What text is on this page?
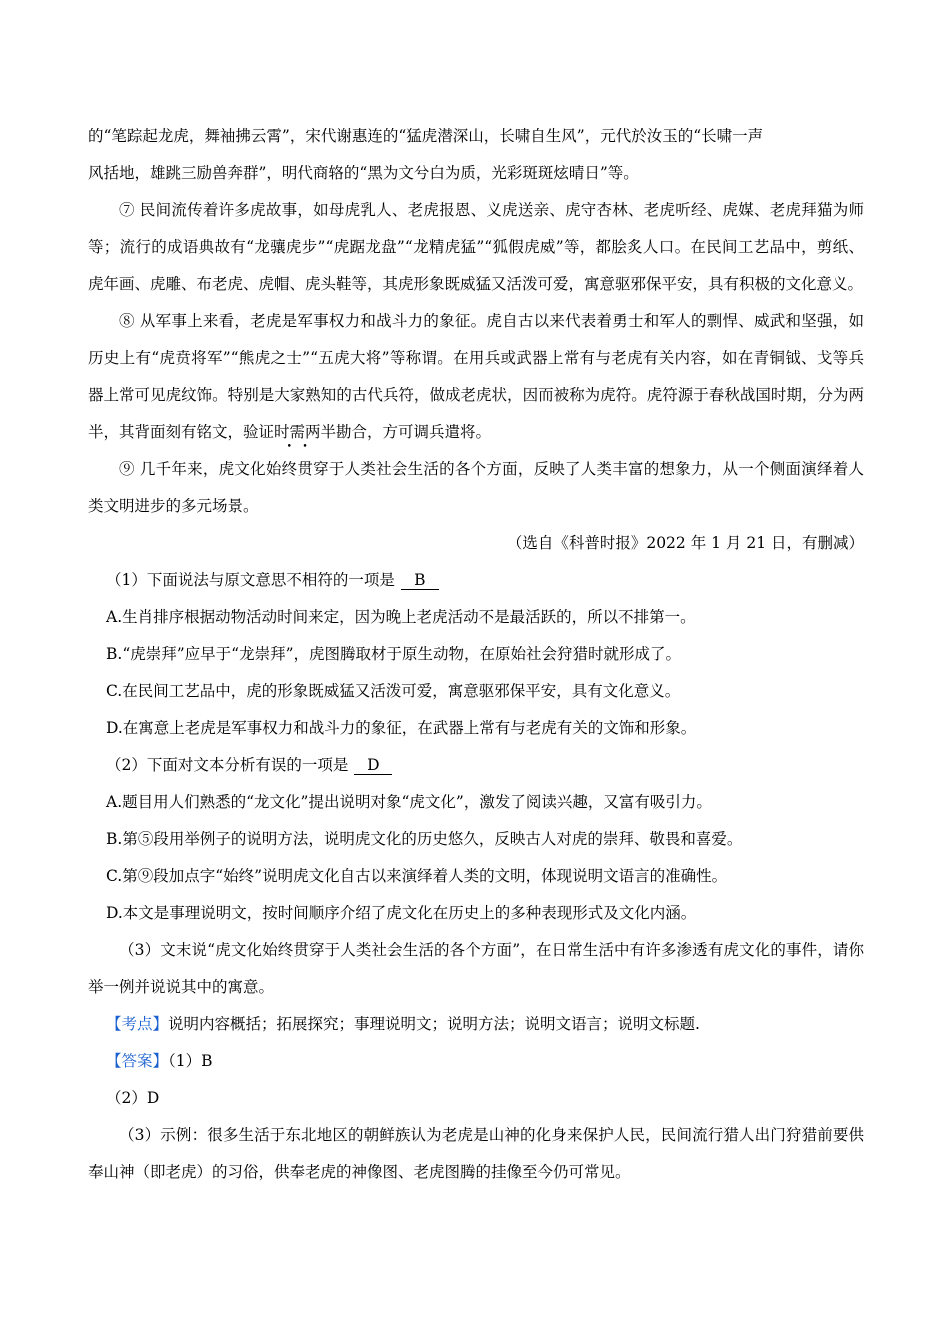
的“笔踪起龙虎，舞袖拂云霄”，宋代谢惠连的“猛虎潜深山，长啸自生风”，元代於汝玉的“长啸一声
风括地，雄跳三励兽奔群”，明代商辂的“黑为文兮白为质，光彩斑斑炫晴日”等。

⑦ 民间流传着许多虎故事，如母虎乳人、老虎报恩、义虎送亲、虎守杏林、老虎听经、虎媒、老虎拜猫为师等；流行的成语典故有“龙骧虎步”“虎踞龙盘”“龙精虎猛”“狐假虎威”等，都脍炙人口。在民间工艺品中，剪纸、虎年画、虎雕、布老虎、虎帽、虎头鞋等，其虎形象既威猛又活泼可爱，寓意驱邪保平安，具有积极的文化意义。

⑧ 从军事上来看，老虎是军事权力和战斗力的象征。虎自古以来代表着勇士和军人的剽悍、威武和坚强，如历史上有“虎贲将军”“熊虎之士”“五虎大将”等称谓。在用兵或武器上常有与老虎有关内容，如在青铜钺、戈等兵器上常可见虎纹饰。特别是大家熟知的古代兵符，做成老虎状，因而被称为虎符。虎符源于春秋战国时期，分为两半，其背面刻有铭文，验证时需两半勘合，方可调兵遣将。

⑨ 几千年来，虎文化始终贯穿于人类社会生活的各个方面，反映了人类丰富的想象力，从一个侧面演绎着人类文明进步的多元场景。

（选自《科普时报》2022 年 1 月 21 日，有删减）

（1）下面说法与原文意思不相符的一项是 B

A.生肖排序根据动物活动时间来定，因为晚上老虎活动不是最活跃的，所以不排第一。

B.“虎崇拜”应早于“龙崇拜”，虎图腾取材于原生动物，在原始社会狩猎时就形成了。

C.在民间工艺品中，虎的形象既威猛又活泼可爱，寓意驱邪保平安，具有文化意义。

D.在寓意上老虎是军事权力和战斗力的象征，在武器上常有与老虎有关的文饰和形象。

（2）下面对文本分析有误的一项是 D

A.题目用人们熟悉的“龙文化”提出说明对象“虎文化”，激发了阅读兴趣，又富有吸引力。

B.第⑤段用举例子的说明方法，说明虎文化的历史悠久，反映古人对虎的崇拜、敬畏和喜爱。

C.第⑨段加点字“始终”说明虎文化自古以来演绎着人类的文明，体现说明文语言的准确性。

D.本文是事理说明文，按时间顺序介绍了虎文化在历史上的多种表现形式及文化内涵。

（3）文末说“虎文化始终贯穿于人类社会生活的各个方面”，在日常生活中有许多渗透有虎文化的事件，请你举一例并说说其中的寓意。

【考点】说明内容概括；拓展探究；事理说明文；说明方法；说明文语言；说明文标题.

【答案】（1）B

（2）D

（3）示例：很多生活于东北地区的朝鲜族认为老虎是山神的化身来保护人民，民间流行猎人出门狩猎前要供奉山神（即老虎）的习俗，供奉老虎的神像图、老虎图腾的挂像至今仍可常见。
